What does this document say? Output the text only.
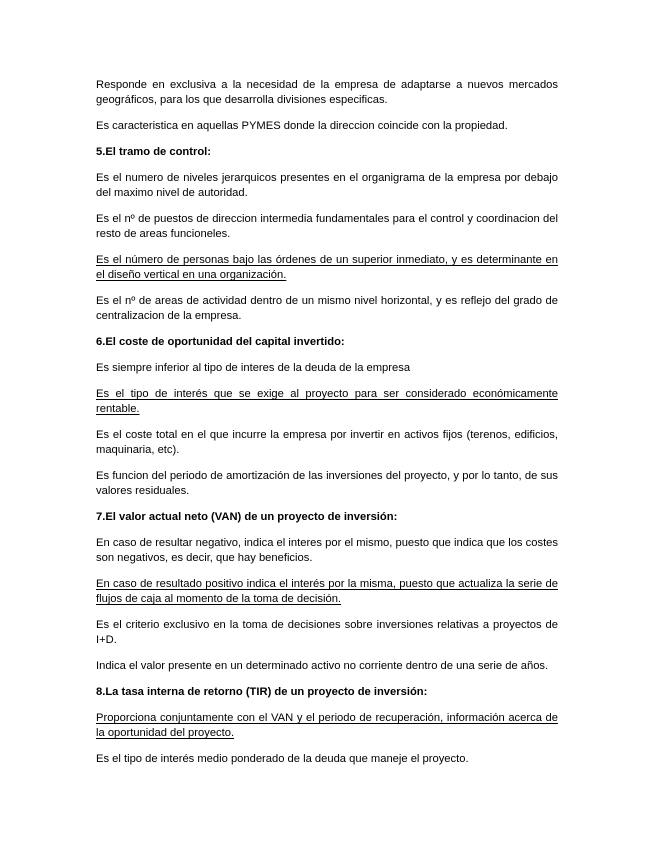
Responde en exclusiva a la necesidad de la empresa de adaptarse a nuevos mercados geográficos, para los que desarrolla divisiones especificas.

Es caracteristica en aquellas PYMES donde la direccion coincide con la propiedad.

5.El tramo de control:

Es el numero de niveles jerarquicos presentes en el organigrama de la empresa por debajo del maximo nivel de autoridad.

Es el nº de puestos de direccion intermedia fundamentales para el control y coordinacion del resto de areas funcioneles.

Es el número de personas bajo las órdenes de un superior inmediato, y es determinante en el diseño vertical en una organización.

Es el nº de areas de actividad dentro de un mismo nivel horizontal, y es reflejo del grado de centralizacion de la empresa.

6.El coste de oportunidad del capital invertido:

Es siempre inferior al tipo de interes de la deuda de la empresa

Es el tipo de interés que se exige al proyecto para ser considerado económicamente rentable.

Es el coste total en el que incurre la empresa por invertir en activos fijos (terenos, edificios, maquinaria, etc).

Es funcion del periodo de amortización de las inversiones del proyecto, y por lo tanto, de sus valores residuales.

7.El valor actual neto (VAN) de un proyecto de inversión:

En caso de resultar negativo, indica el interes por el mismo, puesto que indica que los costes son negativos, es decir, que hay beneficios.

En caso de resultado positivo indica el interés por la misma, puesto que actualiza la serie de flujos de caja al momento de la toma de decisión.

Es el criterio exclusivo en la toma de decisiones sobre inversiones relativas a proyectos de I+D.

Indica el valor presente en un determinado activo no corriente dentro de una serie de años.

8.La tasa interna de retorno (TIR) de un proyecto de inversión:

Proporciona conjuntamente con el VAN y el periodo de recuperación, información acerca de la oportunidad del proyecto.

Es el tipo de interés medio ponderado de la deuda que maneje el proyecto.
